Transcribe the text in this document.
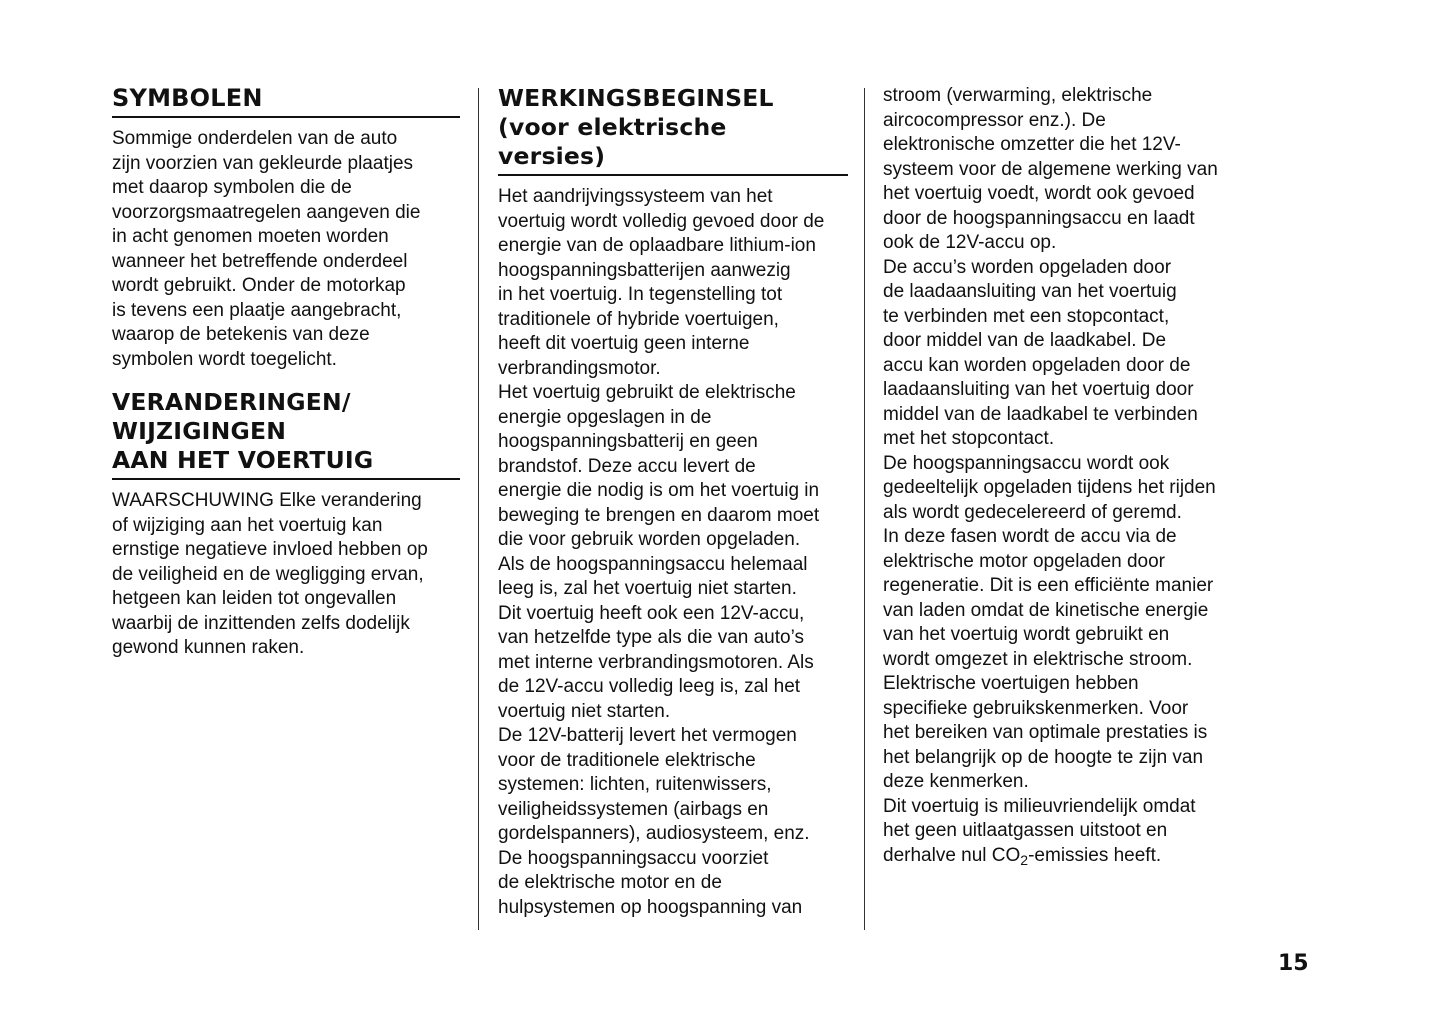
SYMBOLEN

Sommige onderdelen van de auto
zijn voorzien van gekleurde plaatjes
met daarop symbolen die de
voorzorgsmaatregelen aangeven die
in acht genomen moeten worden
wanneer het betreffende onderdeel
wordt gebruikt. Onder de motorkap
is tevens een plaatje aangebracht,
waarop de betekenis van deze
symbolen wordt toegelicht.

VERANDERINGEN/
WIJZIGINGEN
AAN HET VOERTUIG

WAARSCHUWING Elke verandering
of wijziging aan het voertuig kan
ernstige negatieve invloed hebben op
de veiligheid en de wegligging ervan,
hetgeen kan leiden tot ongevallen
waarbij de inzittenden zelfs dodelijk
gewond kunnen raken.

WERKINGSBEGINSEL
(voor elektrische
versies)

Het aandrijvingssysteem van het
voertuig wordt volledig gevoed door de
energie van de oplaadbare lithium-ion
hoogspanningsbatterijen aanwezig
in het voertuig. In tegenstelling tot
traditionele of hybride voertuigen,
heeft dit voertuig geen interne
verbrandingsmotor.
Het voertuig gebruikt de elektrische
energie opgeslagen in de
hoogspanningsbatterij en geen
brandstof. Deze accu levert de
energie die nodig is om het voertuig in
beweging te brengen en daarom moet
die voor gebruik worden opgeladen.
Als de hoogspanningsaccu helemaal
leeg is, zal het voertuig niet starten.
Dit voertuig heeft ook een 12V-accu,
van hetzelfde type als die van auto’s
met interne verbrandingsmotoren. Als
de 12V-accu volledig leeg is, zal het
voertuig niet starten.
De 12V-batterij levert het vermogen
voor de traditionele elektrische
systemen: lichten, ruitenwissers,
veiligheidssystemen (airbags en
gordelspanners), audiosysteem, enz.
De hoogspanningsaccu voorziet
de elektrische motor en de
hulpsystemen op hoogspanning van

stroom (verwarming, elektrische
aircocompressor enz.). De
elektronische omzetter die het 12V-
systeem voor de algemene werking van
het voertuig voedt, wordt ook gevoed
door de hoogspanningsaccu en laadt
ook de 12V-accu op.
De accu’s worden opgeladen door
de laadaansluiting van het voertuig
te verbinden met een stopcontact,
door middel van de laadkabel. De
accu kan worden opgeladen door de
laadaansluiting van het voertuig door
middel van de laadkabel te verbinden
met het stopcontact.
De hoogspanningsaccu wordt ook
gedeeltelijk opgeladen tijdens het rijden
als wordt gedecelereerd of geremd.
In deze fasen wordt de accu via de
elektrische motor opgeladen door
regeneratie. Dit is een efficiënte manier
van laden omdat de kinetische energie
van het voertuig wordt gebruikt en
wordt omgezet in elektrische stroom.
Elektrische voertuigen hebben
specifieke gebruikskenmerken. Voor
het bereiken van optimale prestaties is
het belangrijk op de hoogte te zijn van
deze kenmerken.
Dit voertuig is milieuvriendelijk omdat
het geen uitlaatgassen uitstoot en
derhalve nul $CO_2$-emissies heeft.

15
